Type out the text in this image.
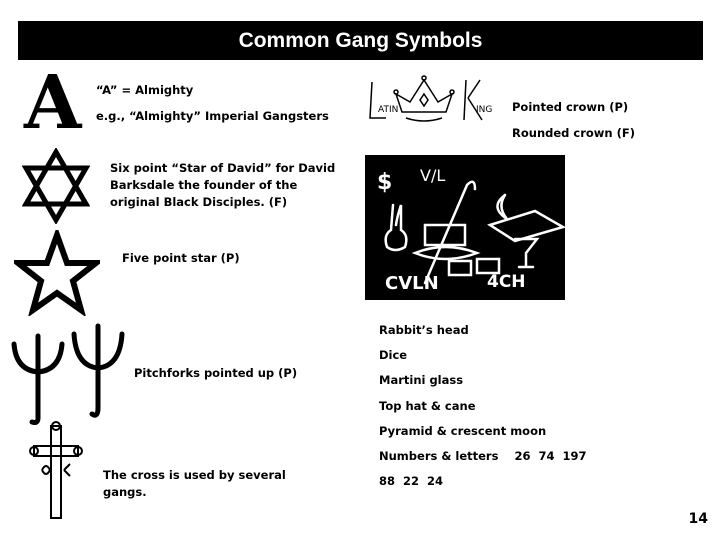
Common Gang Symbols
A “A” = Almighty
e.g., “Almighty” Imperial Gangsters
Six point “Star of David” for David
Barksdale the founder of the
original Black Disciples. (F)
Five point star (P)
Pitchforks pointed up (P)
The cross is used by several
gangs.
ATIN	ING Pointed crown (P)
Rounded crown (F)
$ V/L
CVLN	4CH
Rabbit’s head
Dice
Martini glass
Top hat & cane
Pyramid & crescent moon
Numbers & letters    26  74  197
88  22  24
14
